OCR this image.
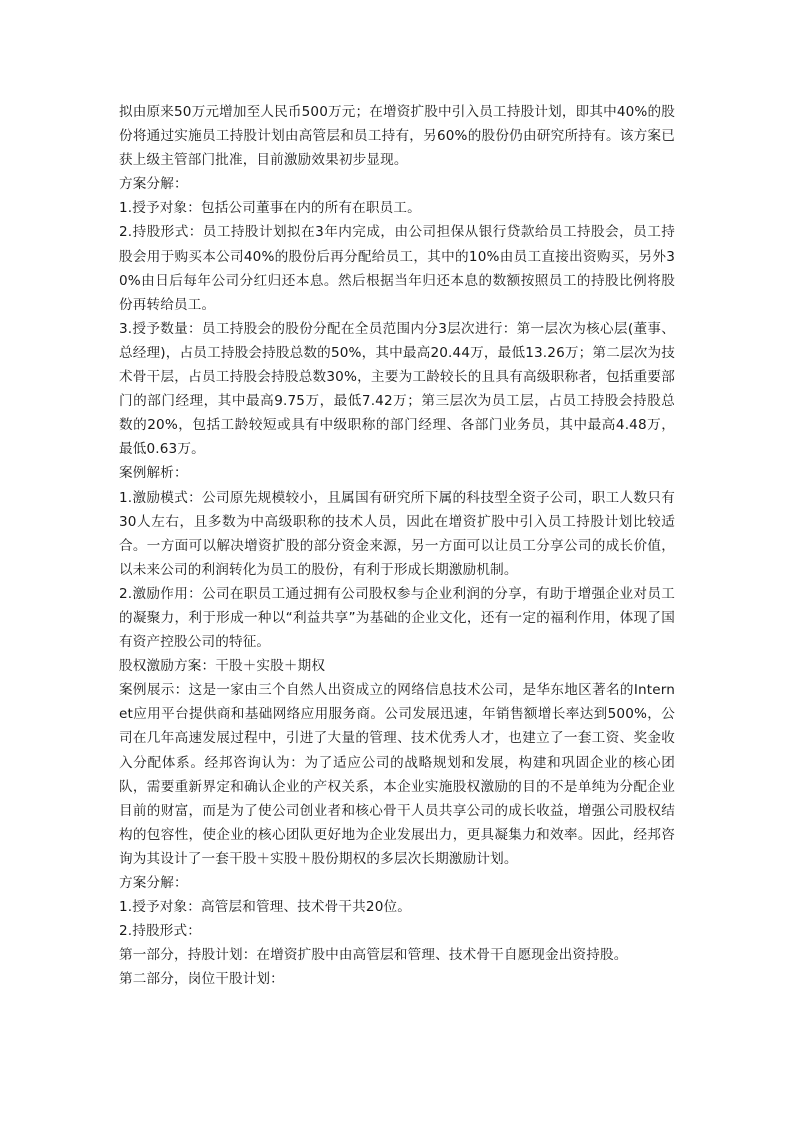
拟由原来50万元增加至人民币500万元；在增资扩股中引入员工持股计划，即其中40%的股份将通过实施员工持股计划由高管层和员工持有，另60%的股份仍由研究所持有。该方案已获上级主管部门批准，目前激励效果初步显现。

方案分解：

1.授予对象：包括公司董事在内的所有在职员工。

2.持股形式：员工持股计划拟在3年内完成，由公司担保从银行贷款给员工持股会，员工持股会用于购买本公司40%的股份后再分配给员工，其中的10%由员工直接出资购买，另外30%由日后每年公司分红归还本息。然后根据当年归还本息的数额按照员工的持股比例将股份再转给员工。

3.授予数量：员工持股会的股份分配在全员范围内分3层次进行：第一层次为核心层(董事、总经理)，占员工持股会持股总数的50%，其中最高20.44万，最低13.26万；第二层次为技术骨干层，占员工持股会持股总数30%，主要为工龄较长的且具有高级职称者，包括重要部门的部门经理，其中最高9.75万，最低7.42万；第三层次为员工层，占员工持股会持股总数的20%，包括工龄较短或具有中级职称的部门经理、各部门业务员，其中最高4.48万，最低0.63万。

案例解析：

1.激励模式：公司原先规模较小，且属国有研究所下属的科技型全资子公司，职工人数只有30人左右，且多数为中高级职称的技术人员，因此在增资扩股中引入员工持股计划比较适合。一方面可以解决增资扩股的部分资金来源，另一方面可以让员工分享公司的成长价值，以未来公司的利润转化为员工的股份，有利于形成长期激励机制。

2.激励作用：公司在职员工通过拥有公司股权参与企业利润的分享，有助于增强企业对员工的凝聚力，利于形成一种以“利益共享”为基础的企业文化，还有一定的福利作用，体现了国有资产控股公司的特征。

股权激励方案：干股＋实股＋期权

案例展示：这是一家由三个自然人出资成立的网络信息技术公司，是华东地区著名的Internet应用平台提供商和基础网络应用服务商。公司发展迅速，年销售额增长率达到500%，公司在几年高速发展过程中，引进了大量的管理、技术优秀人才，也建立了一套工资、奖金收入分配体系。经邦咨询认为：为了适应公司的战略规划和发展，构建和巩固企业的核心团队，需要重新界定和确认企业的产权关系，本企业实施股权激励的目的不是单纯为分配企业目前的财富，而是为了使公司创业者和核心骨干人员共享公司的成长收益，增强公司股权结构的包容性，使企业的核心团队更好地为企业发展出力，更具凝集力和效率。因此，经邦咨询为其设计了一套干股＋实股＋股份期权的多层次长期激励计划。

方案分解：

1.授予对象：高管层和管理、技术骨干共20位。

2.持股形式：

第一部分，持股计划：在增资扩股中由高管层和管理、技术骨干自愿现金出资持股。

第二部分，岗位干股计划：
